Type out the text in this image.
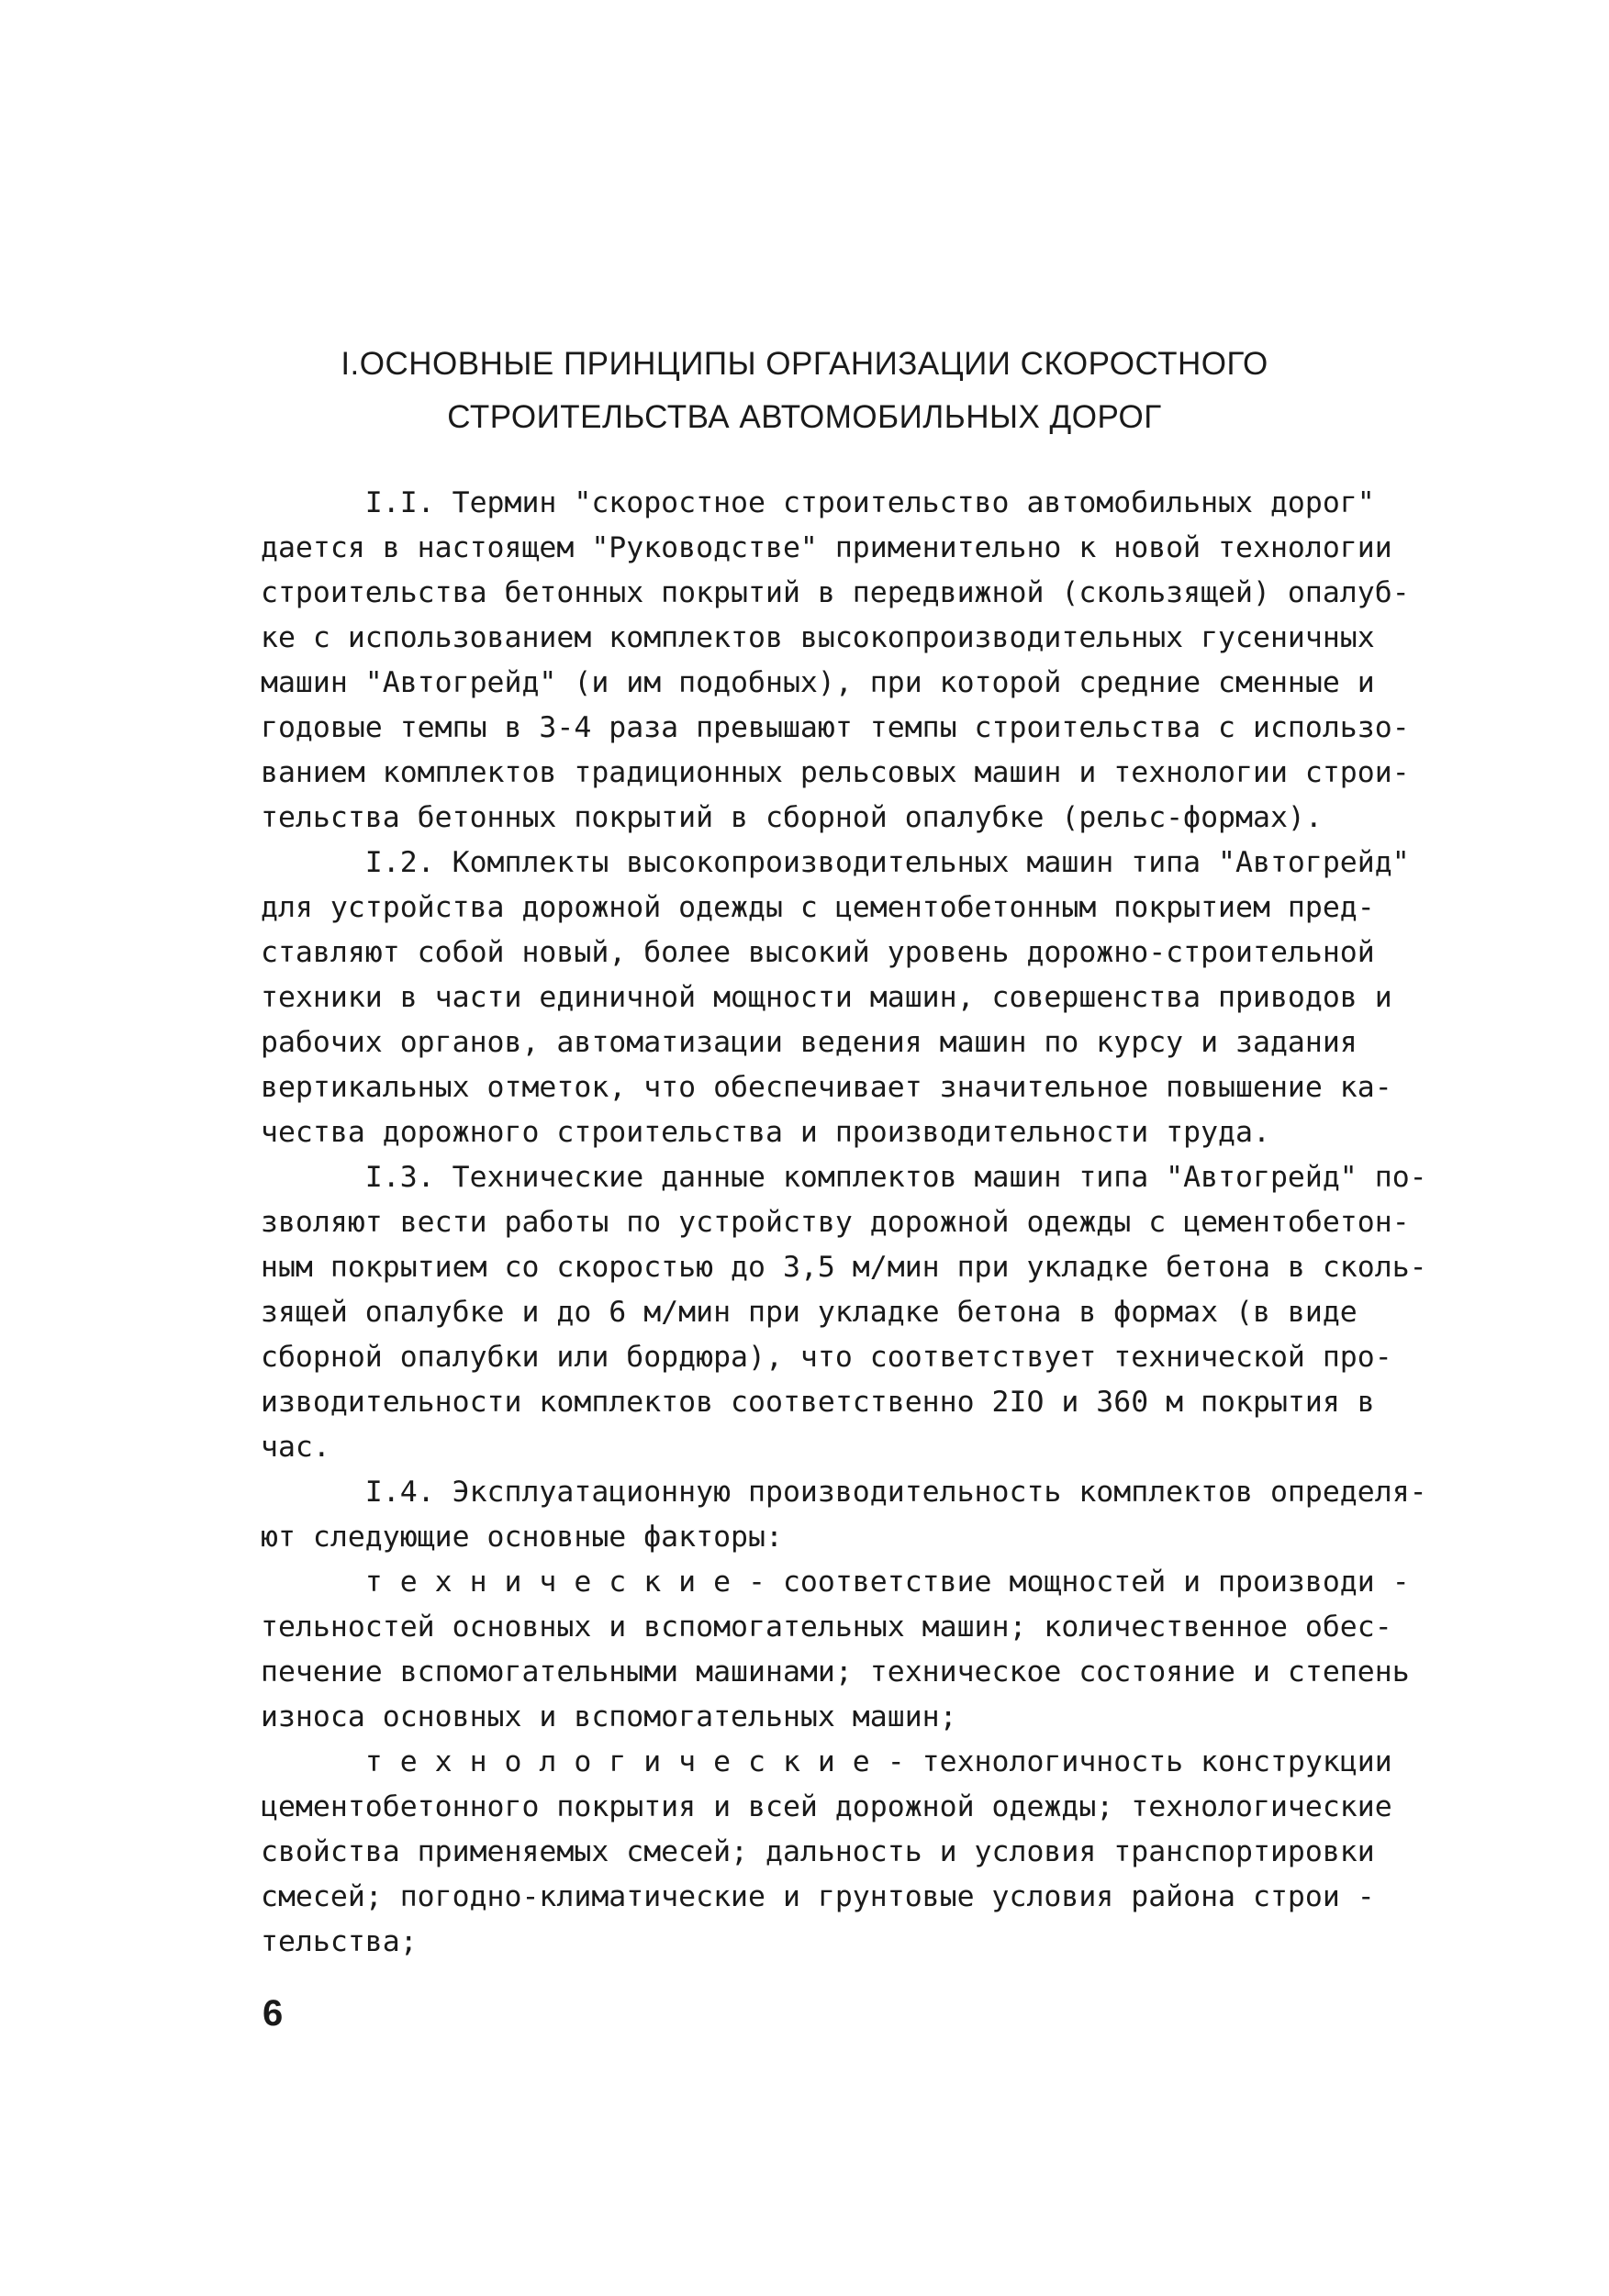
I.ОСНОВНЫЕ ПРИНЦИПЫ ОРГАНИЗАЦИИ СКОРОСТНОГО
СТРОИТЕЛЬСТВА АВТОМОБИЛЬНЫХ ДОРОГ
I.I. Термин "скоростное строительство автомобильных дорог"
дается в настоящем "Руководстве" применительно к новой технологии
строительства бетонных покрытий в передвижной (скользящей) опалуб-
ке с использованием комплектов высокопроизводительных гусеничных
машин "Автогрейд" (и им подобных), при которой средние сменные и
годовые темпы в 3-4 раза превышают темпы строительства с использо-
ванием комплектов традиционных рельсовых машин и технологии строи-
тельства бетонных покрытий в сборной опалубке (рельс-формах).
I.2. Комплекты высокопроизводительных машин типа "Автогрейд"
для устройства дорожной одежды с цементобетонным покрытием пред-
ставляют собой новый, более высокий уровень дорожно-строительной
техники в части единичной мощности машин, совершенства приводов и
рабочих органов, автоматизации ведения машин по курсу и задания
вертикальных отметок, что обеспечивает значительное повышение ка-
чества дорожного строительства и производительности труда.
I.3. Технические данные комплектов машин типа "Автогрейд" по-
зволяют вести работы по устройству дорожной одежды с цементобетон-
ным покрытием со скоростью до 3,5 м/мин при укладке бетона в сколь-
зящей опалубке и до 6 м/мин при укладке бетона в формах (в виде
сборной опалубки или бордюра), что соответствует технической про-
изводительности комплектов соответственно 2IO и 360 м покрытия в
час.
I.4. Эксплуатационную производительность комплектов определя-
ют следующие основные факторы:
т е х н и ч е с к и е - соответствие мощностей и производи -
тельностей основных и вспомогательных машин; количественное обес-
печение вспомогательными машинами; техническое состояние и степень
износа основных и вспомогательных машин;
т е х н о л о г и ч е с к и е - технологичность конструкции
цементобетонного покрытия и всей дорожной одежды; технологические
свойства применяемых смесей; дальность и условия транспортировки
смесей; погодно-климатические и грунтовые условия района строи -
тельства;
6
